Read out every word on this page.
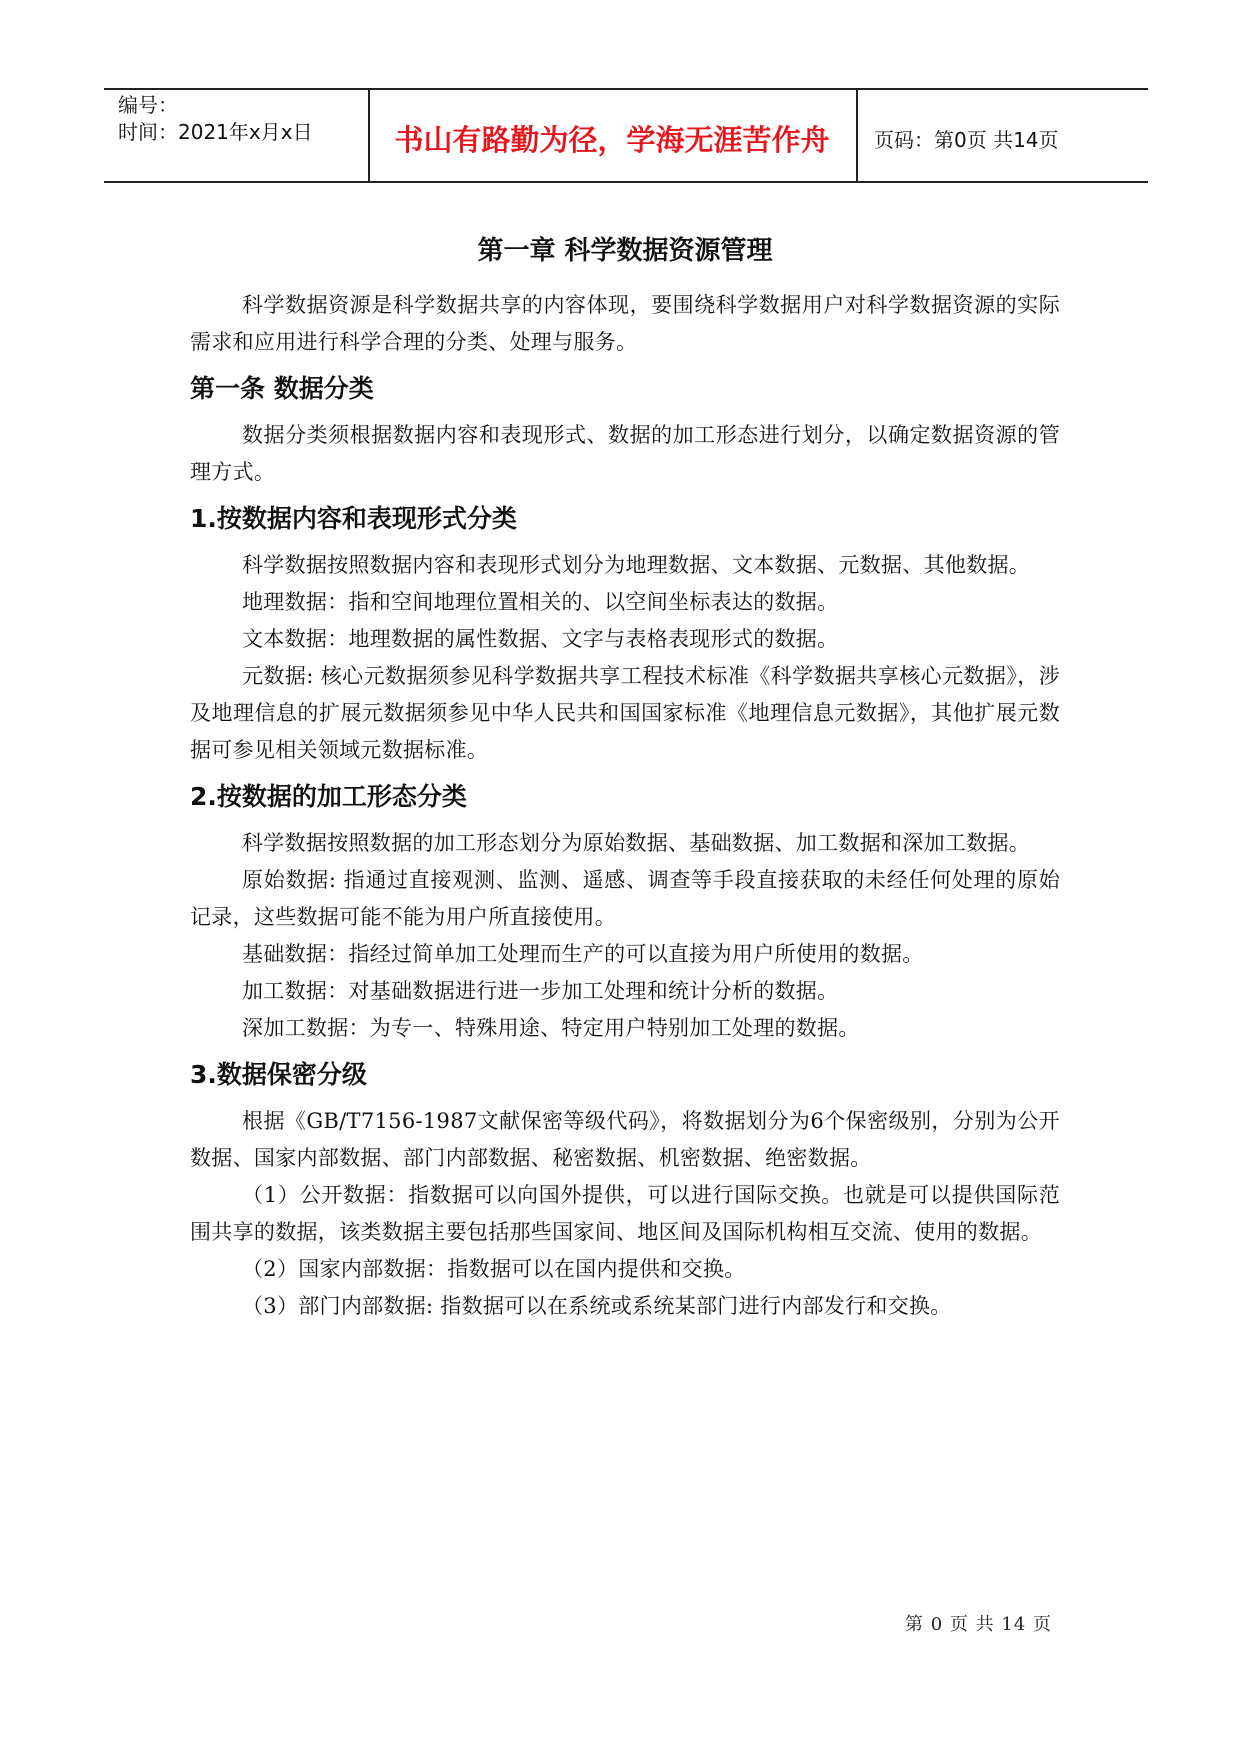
编号：
时间：2021年x月x日	书山有路勤为径，学海无涯苦作舟	页码：第0页 共14页
第一章 科学数据资源管理

科学数据资源是科学数据共享的内容体现，要围绕科学数据用户对科学数据资源的实际需求和应用进行科学合理的分类、处理与服务。

第一条 数据分类

数据分类须根据数据内容和表现形式、数据的加工形态进行划分，以确定数据资源的管理方式。

1.按数据内容和表现形式分类

科学数据按照数据内容和表现形式划分为地理数据、文本数据、元数据、其他数据。

地理数据：指和空间地理位置相关的、以空间坐标表达的数据。

文本数据：地理数据的属性数据、文字与表格表现形式的数据。

元数据: 核心元数据须参见科学数据共享工程技术标准《科学数据共享核心元数据》，涉及地理信息的扩展元数据须参见中华人民共和国国家标准《地理信息元数据》，其他扩展元数据可参见相关领域元数据标准。

2.按数据的加工形态分类

科学数据按照数据的加工形态划分为原始数据、基础数据、加工数据和深加工数据。

原始数据: 指通过直接观测、监测、遥感、调查等手段直接获取的未经任何处理的原始记录，这些数据可能不能为用户所直接使用。

基础数据：指经过简单加工处理而生产的可以直接为用户所使用的数据。

加工数据：对基础数据进行进一步加工处理和统计分析的数据。

深加工数据：为专一、特殊用途、特定用户特别加工处理的数据。

3.数据保密分级

根据《GB/T7156-1987文献保密等级代码》，将数据划分为6个保密级别，分别为公开数据、国家内部数据、部门内部数据、秘密数据、机密数据、绝密数据。

（1）公开数据：指数据可以向国外提供，可以进行国际交换。也就是可以提供国际范围共享的数据，该类数据主要包括那些国家间、地区间及国际机构相互交流、使用的数据。

（2）国家内部数据：指数据可以在国内提供和交换。

（3）部门内部数据: 指数据可以在系统或系统某部门进行内部发行和交换。

第 0 页 共 14 页
